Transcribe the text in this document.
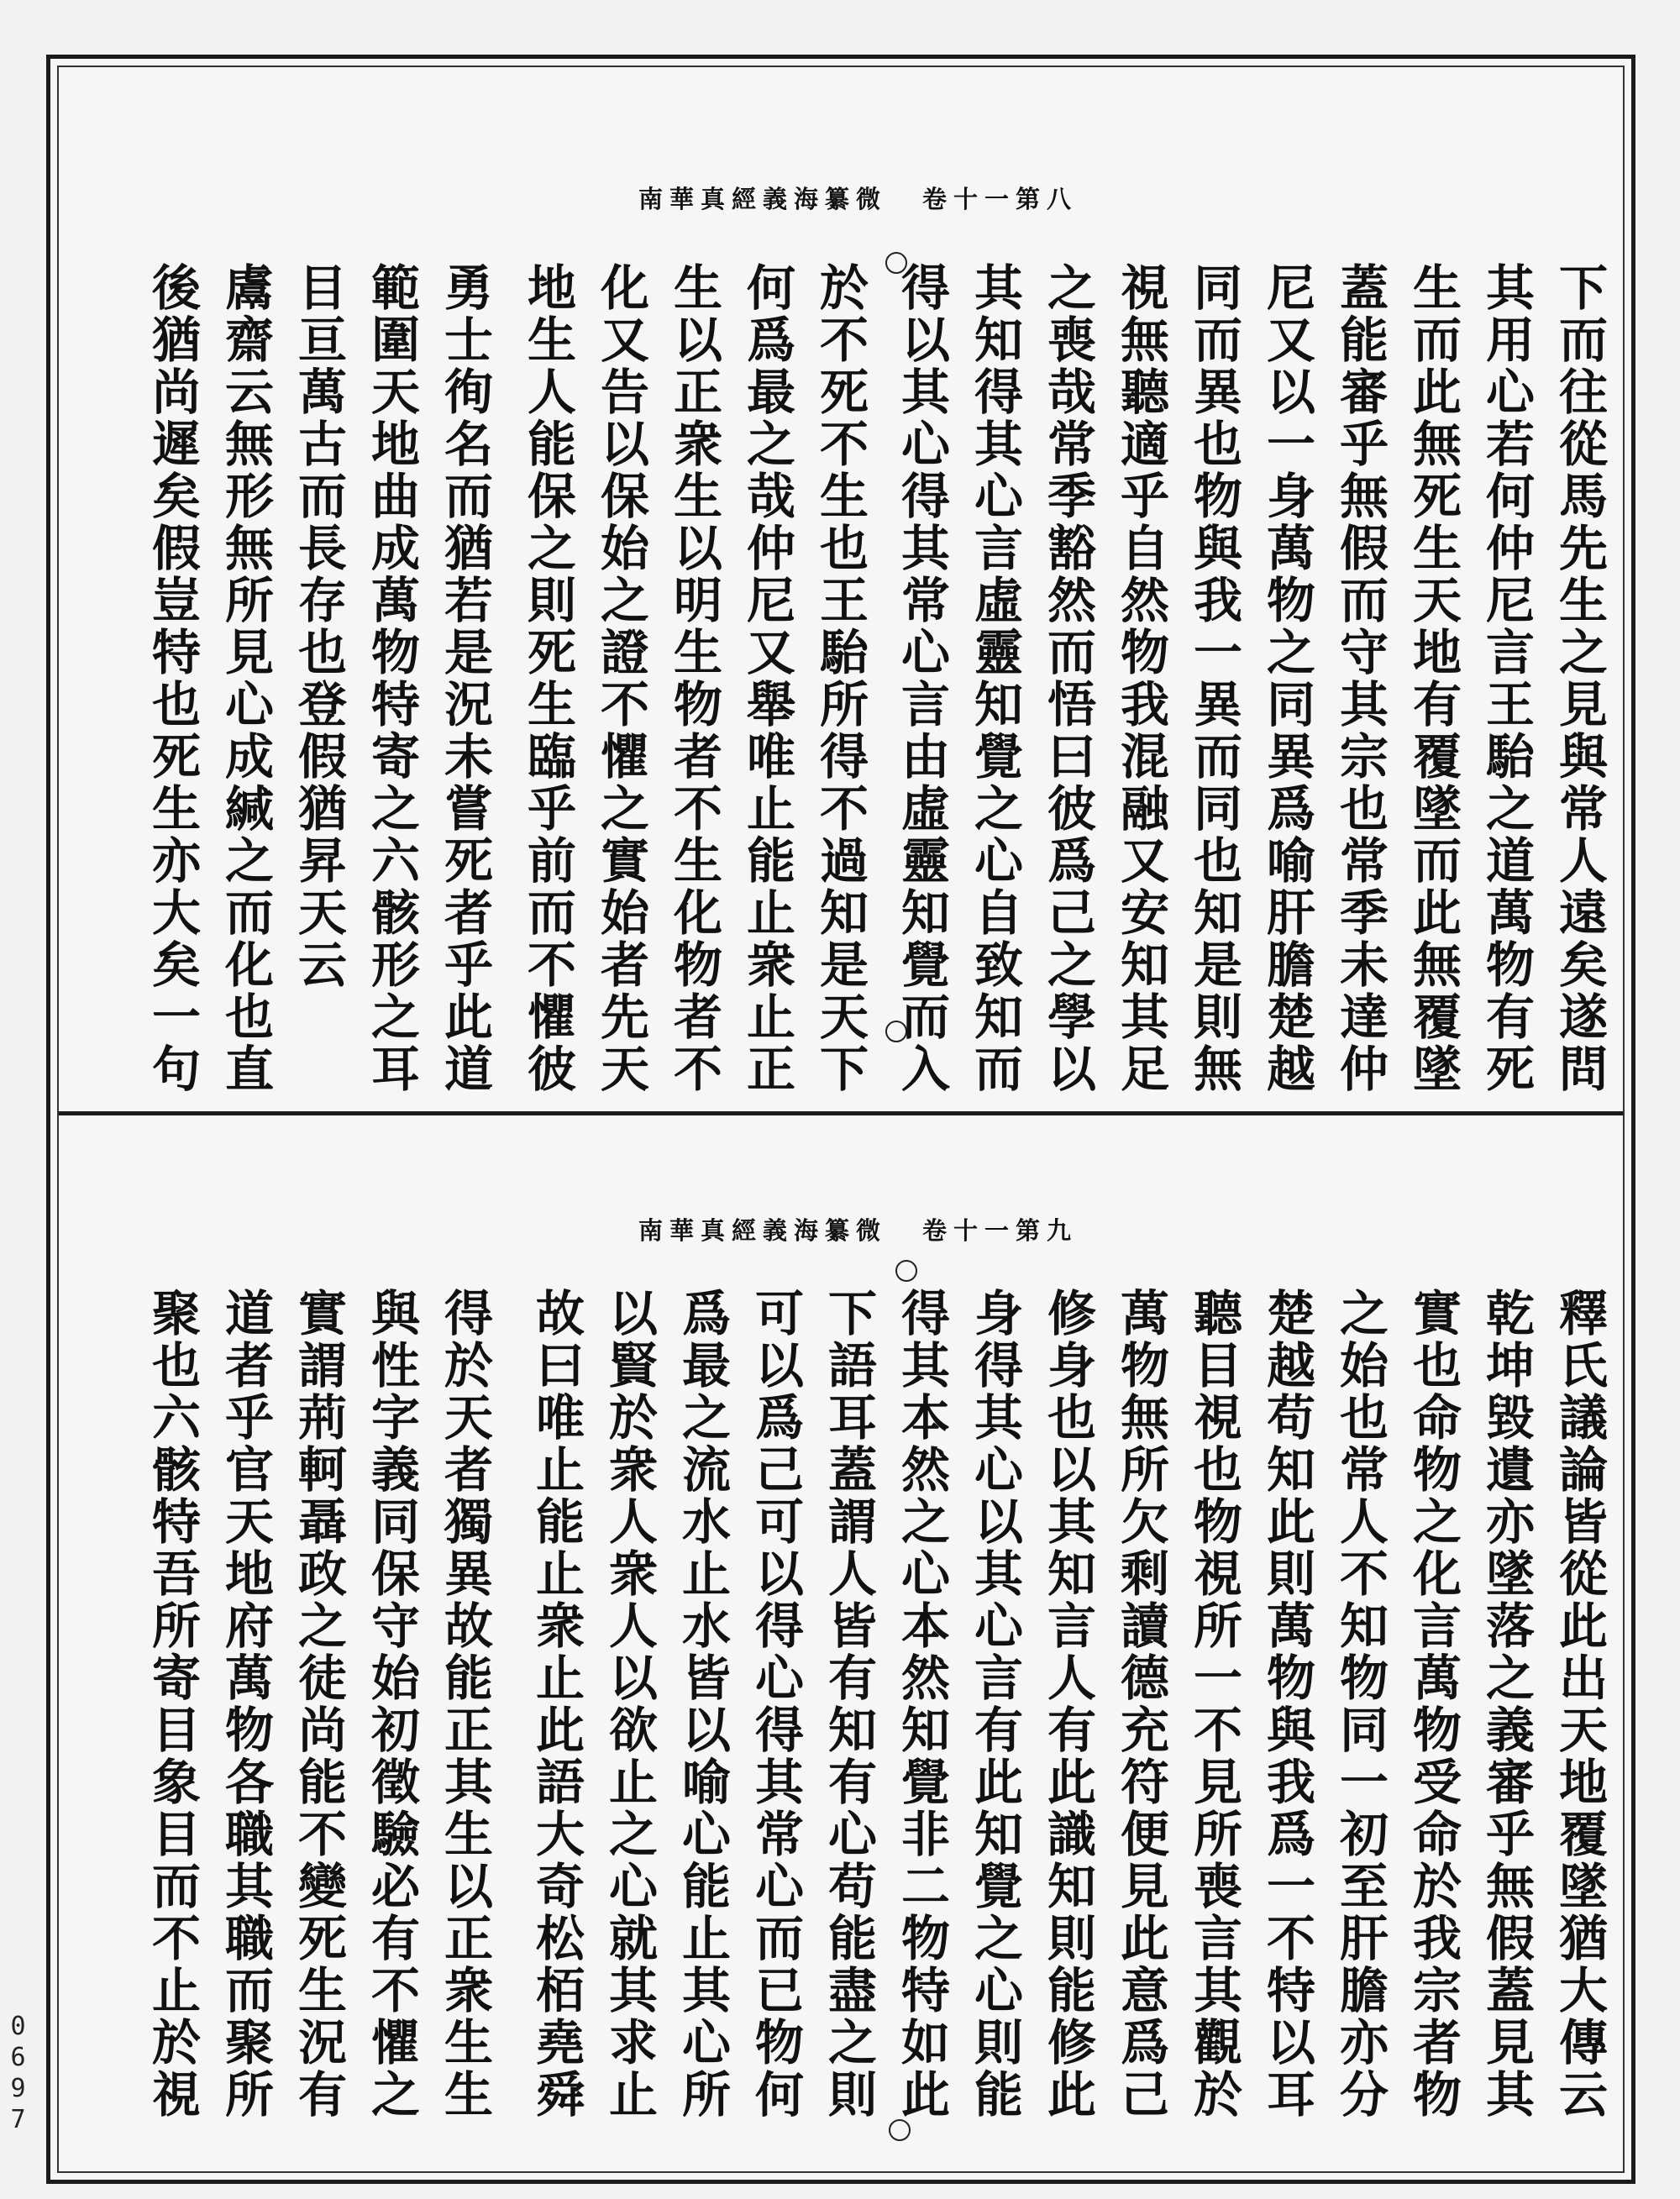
南華真經義海纂微 卷十一第八
下而往從馬先生之見與常人遠矣遂問
其用心若何仲尼言王駘之道萬物有死
生而此無死生天地有覆墜而此無覆墜
蓋能審乎無假而守其宗也常季未達仲
尼又以一身萬物之同異爲喻肝膽楚越
同而異也物與我一異而同也知是則無
視無聽適乎自然物我混融又安知其足
之喪哉常季豁然而悟曰彼爲己之學以
其知得其心言虛靈知覺之心自致知而
得以其心得其常心言由虛靈知覺而入
於不死不生也王駘所得不過知是天下
何爲最之哉仲尼又舉唯止能止衆止正
生以正衆生以明生物者不生化物者不
化又告以保始之證不懼之實始者先天
地生人能保之則死生臨乎前而不懼彼
勇士徇名而猶若是況未嘗死者乎此道
範圍天地曲成萬物特寄之六骸形之耳
目亘萬古而長存也登假猶昇天云
鬳齋云無形無所見心成緘之而化也直
後猶尚遲矣假豈特也死生亦大矣一句
南華真經義海纂微 卷十一第九
釋氏議論皆從此出天地覆墜猶大傳云
乾坤毀遺亦墜落之義審乎無假蓋見其
實也命物之化言萬物受命於我宗者物
之始也常人不知物同一初至肝膽亦分
楚越苟知此則萬物與我爲一不特以耳
聽目視也物視所一不見所喪言其觀於
萬物無所欠剩讀德充符便見此意爲己
修身也以其知言人有此識知則能修此
身得其心以其心言有此知覺之心則能
得其本然之心本然知覺非二物特如此
下語耳蓋謂人皆有知有心苟能盡之則
可以爲己可以得心得其常心而已物何
爲最之流水止水皆以喻心能止其心所
以賢於衆人衆人以欲止之心就其求止
故曰唯止能止衆止此語大奇松栢堯舜
得於天者獨異故能正其生以正衆生生
與性字義同保守始初徵驗必有不懼之
實謂荊軻聶政之徒尚能不變死生況有
道者乎官天地府萬物各職其職而聚所
聚也六骸特吾所寄目象目而不止於視
0697
